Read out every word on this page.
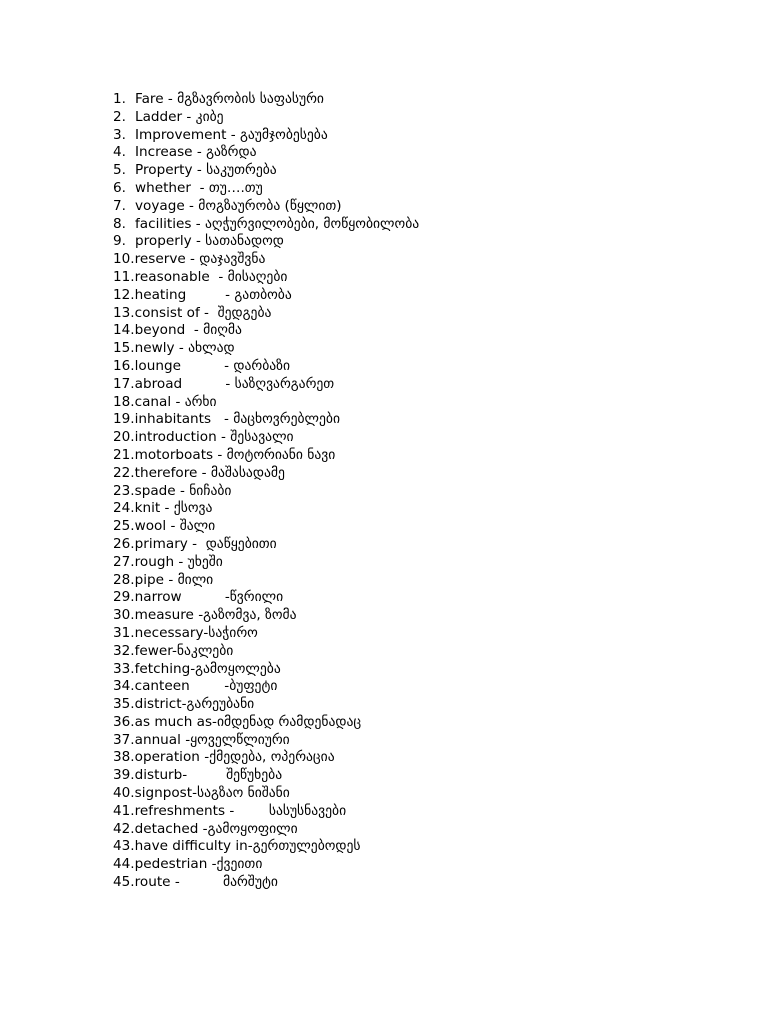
1. Fare - მგზავრობის საფასური
2. Ladder - კიბე
3. Improvement - გაუმჯობესება
4. Increase - გაზრდა
5. Property - საკუთრება
6. whether  - თუ….თუ
7. voyage - მოგზაურობა (წყლით)
8. facilities - აღჭურვილობები, მოწყობილობა
9. properly - სათანადოდ
10.reserve - დაჯავშვნა
11.reasonable  - მისაღები
12.heating         - გათბობა
13.consist of -  შედგება
14.beyond  - მიღმა
15.newly - ახლად
16.lounge          - დარბაზი
17.abroad          - საზღვარგარეთ
18.canal - არხი
19.inhabitants   - მაცხოვრებლები
20.introduction - შესავალი
21.motorboats - მოტორიანი ნავი
22.therefore - მაშასადამე
23.spade - ნიჩაბი
24.knit - ქსოვა
25.wool - შალი
26.primary -  დაწყებითი
27.rough - უხეში
28.pipe - მილი
29.narrow          -წვრილი
30.measure -გაზომვა, ზომა
31.necessary-საჭირო
32.fewer-ნაკლები
33.fetching-გამოყოლება
34.canteen        -ბუფეტი
35.district-გარეუბანი
36.as much as-იმდენად რამდენადაც
37.annual -ყოველწლიური
38.operation -ქმედება, ოპერაცია
39.disturb-         შეწუხება
40.signpost-საგზაო ნიშანი
41.refreshments -        სასუსნავები
42.detached -გამოყოფილი
43.have difficulty in-გერთულებოდეს
44.pedestrian -ქვეითი
45.route -          მარშუტი
